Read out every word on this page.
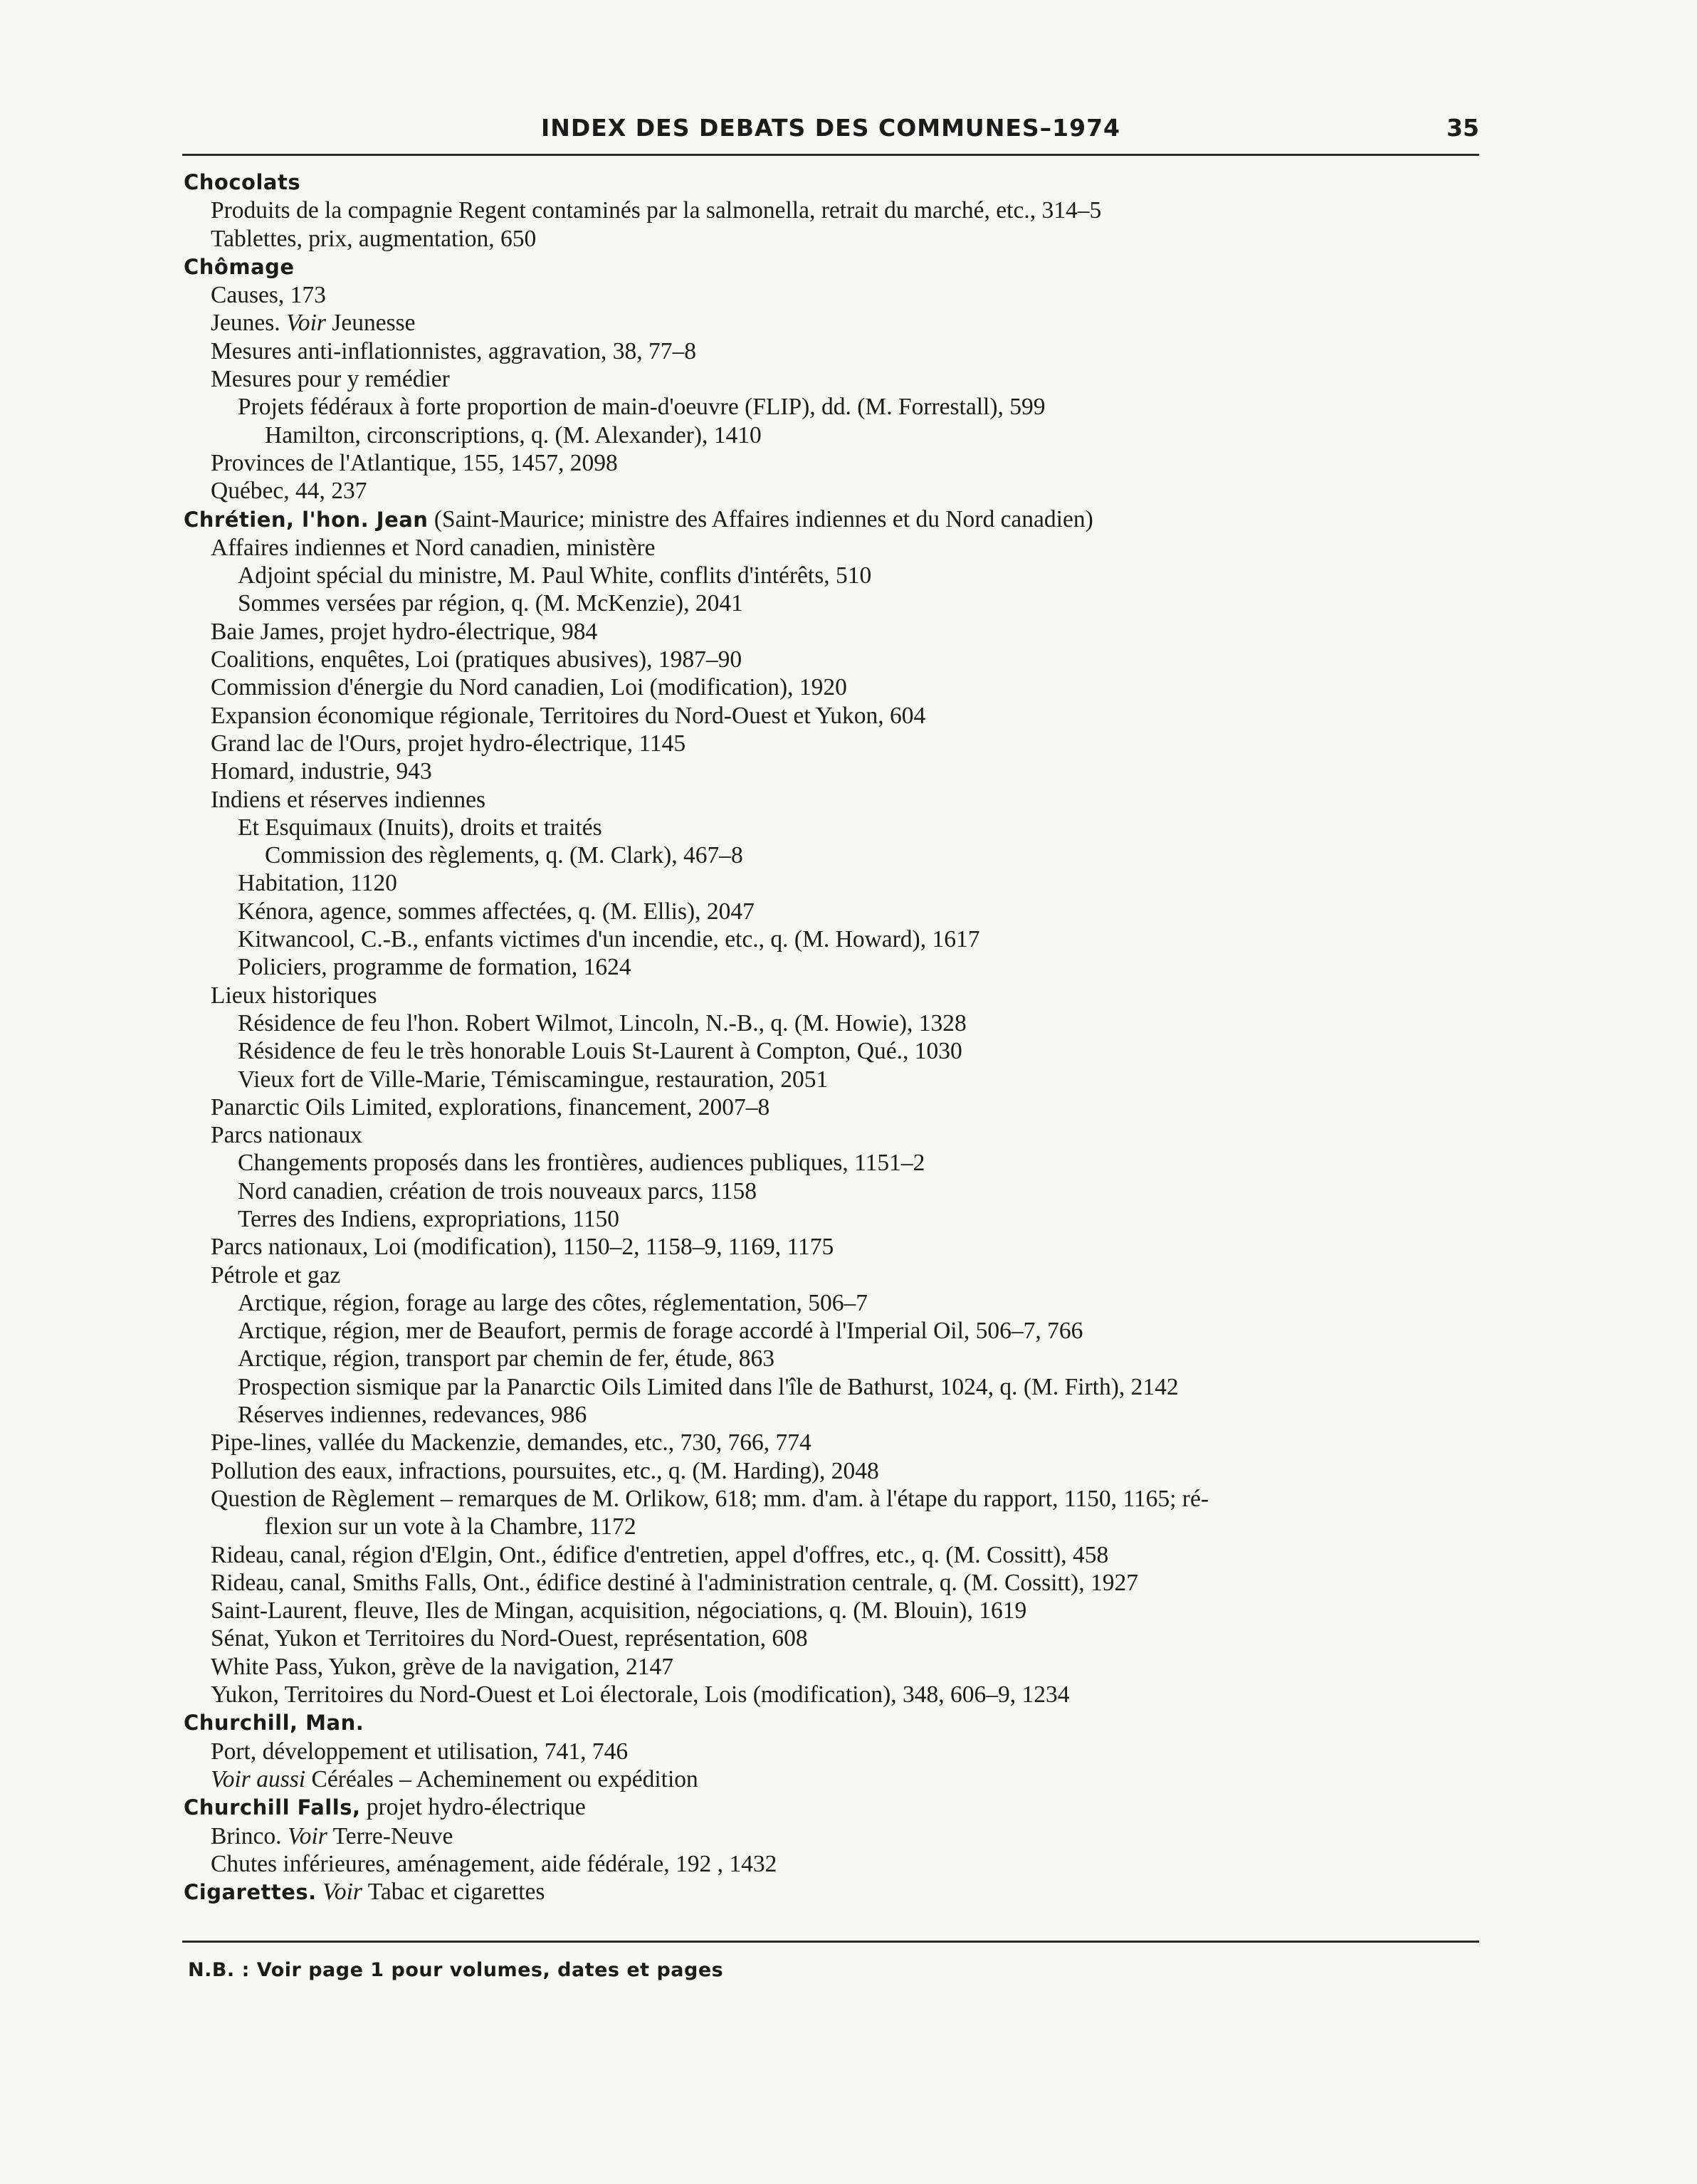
INDEX DES DEBATS DES COMMUNES–1974	35
Chocolats
Produits de la compagnie Regent contaminés par la salmonella, retrait du marché, etc., 314–5
Tablettes, prix, augmentation, 650
Chômage
Causes, 173
Jeunes. Voir Jeunesse
Mesures anti-inflationnistes, aggravation, 38, 77–8
Mesures pour y remédier
Projets fédéraux à forte proportion de main-d'oeuvre (FLIP), dd. (M. Forrestall), 599
Hamilton, circonscriptions, q. (M. Alexander), 1410
Provinces de l'Atlantique, 155, 1457, 2098
Québec, 44, 237
Chrétien, l'hon. Jean (Saint-Maurice; ministre des Affaires indiennes et du Nord canadien)
Affaires indiennes et Nord canadien, ministère
Adjoint spécial du ministre, M. Paul White, conflits d'intérêts, 510
Sommes versées par région, q. (M. McKenzie), 2041
Baie James, projet hydro-électrique, 984
Coalitions, enquêtes, Loi (pratiques abusives), 1987–90
Commission d'énergie du Nord canadien, Loi (modification), 1920
Expansion économique régionale, Territoires du Nord-Ouest et Yukon, 604
Grand lac de l'Ours, projet hydro-électrique, 1145
Homard, industrie, 943
Indiens et réserves indiennes
Et Esquimaux (Inuits), droits et traités
Commission des règlements, q. (M. Clark), 467–8
Habitation, 1120
Kénora, agence, sommes affectées, q. (M. Ellis), 2047
Kitwancool, C.-B., enfants victimes d'un incendie, etc., q. (M. Howard), 1617
Policiers, programme de formation, 1624
Lieux historiques
Résidence de feu l'hon. Robert Wilmot, Lincoln, N.-B., q. (M. Howie), 1328
Résidence de feu le très honorable Louis St-Laurent à Compton, Qué., 1030
Vieux fort de Ville-Marie, Témiscamingue, restauration, 2051
Panarctic Oils Limited, explorations, financement, 2007–8
Parcs nationaux
Changements proposés dans les frontières, audiences publiques, 1151–2
Nord canadien, création de trois nouveaux parcs, 1158
Terres des Indiens, expropriations, 1150
Parcs nationaux, Loi (modification), 1150–2, 1158–9, 1169, 1175
Pétrole et gaz
Arctique, région, forage au large des côtes, réglementation, 506–7
Arctique, région, mer de Beaufort, permis de forage accordé à l'Imperial Oil, 506–7, 766
Arctique, région, transport par chemin de fer, étude, 863
Prospection sismique par la Panarctic Oils Limited dans l'île de Bathurst, 1024, q. (M. Firth), 2142
Réserves indiennes, redevances, 986
Pipe-lines, vallée du Mackenzie, demandes, etc., 730, 766, 774
Pollution des eaux, infractions, poursuites, etc., q. (M. Harding), 2048
Question de Règlement – remarques de M. Orlikow, 618; mm. d'am. à l'étape du rapport, 1150, 1165; ré-
flexion sur un vote à la Chambre, 1172
Rideau, canal, région d'Elgin, Ont., édifice d'entretien, appel d'offres, etc., q. (M. Cossitt), 458
Rideau, canal, Smiths Falls, Ont., édifice destiné à l'administration centrale, q. (M. Cossitt), 1927
Saint-Laurent, fleuve, Iles de Mingan, acquisition, négociations, q. (M. Blouin), 1619
Sénat, Yukon et Territoires du Nord-Ouest, représentation, 608
White Pass, Yukon, grève de la navigation, 2147
Yukon, Territoires du Nord-Ouest et Loi électorale, Lois (modification), 348, 606–9, 1234
Churchill, Man.
Port, développement et utilisation, 741, 746
Voir aussi Céréales – Acheminement ou expédition
Churchill Falls, projet hydro-électrique
Brinco. Voir Terre-Neuve
Chutes inférieures, aménagement, aide fédérale, 192 , 1432
Cigarettes. Voir Tabac et cigarettes
N.B. : Voir page 1 pour volumes, dates et pages
